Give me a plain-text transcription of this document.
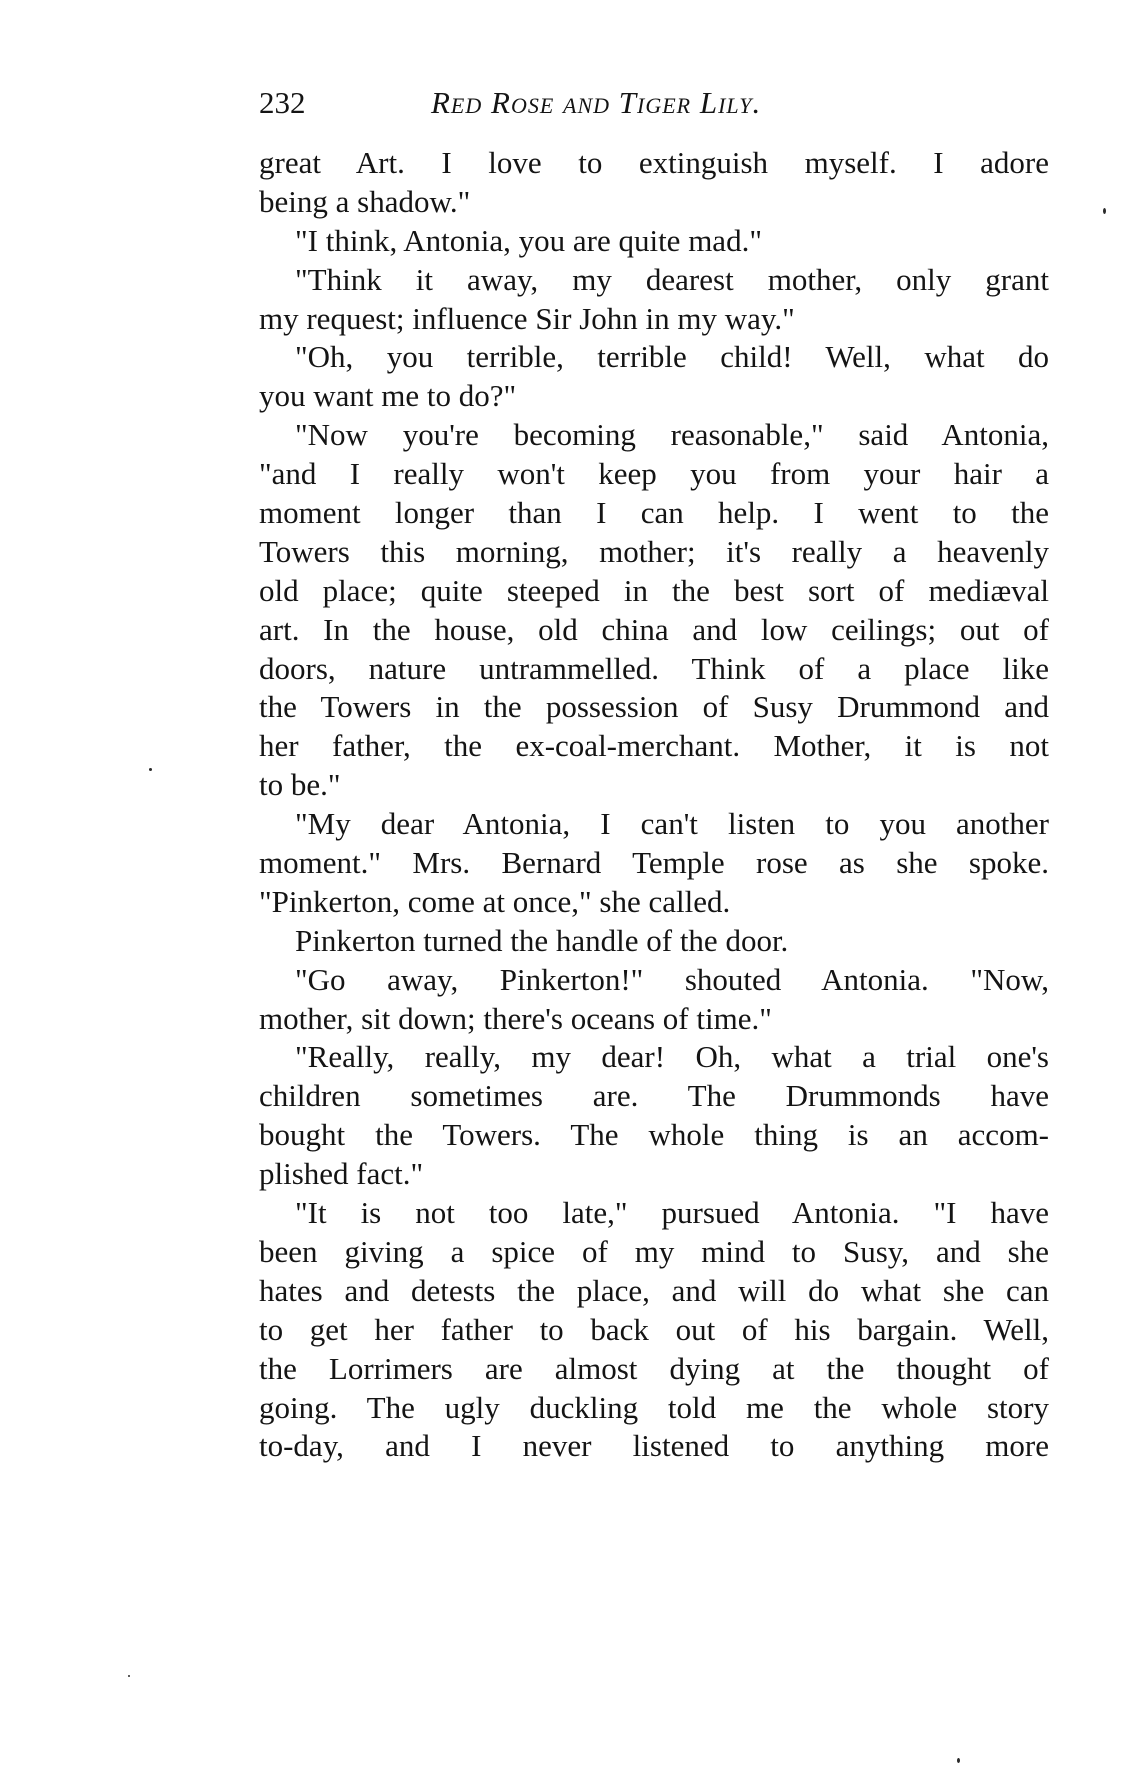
232	Red Rose and Tiger Lily.
great Art. I love to extinguish myself. I adore
being a shadow."
"I think, Antonia, you are quite mad."
"Think it away, my dearest mother, only grant
my request; influence Sir John in my way."
"Oh, you terrible, terrible child! Well, what do
you want me to do?"
"Now you're becoming reasonable," said Antonia,
"and I really won't keep you from your hair a
moment longer than I can help. I went to the
Towers this morning, mother; it's really a heavenly
old place; quite steeped in the best sort of mediæval
art. In the house, old china and low ceilings; out of
doors, nature untrammelled. Think of a place like
the Towers in the possession of Susy Drummond and
her father, the ex-coal-merchant. Mother, it is not
to be."
"My dear Antonia, I can't listen to you another
moment." Mrs. Bernard Temple rose as she spoke.
"Pinkerton, come at once," she called.
Pinkerton turned the handle of the door.
"Go away, Pinkerton!" shouted Antonia. "Now,
mother, sit down; there's oceans of time."
"Really, really, my dear! Oh, what a trial one's
children sometimes are. The Drummonds have
bought the Towers. The whole thing is an accom-
plished fact."
"It is not too late," pursued Antonia. "I have
been giving a spice of my mind to Susy, and she
hates and detests the place, and will do what she can
to get her father to back out of his bargain. Well,
the Lorrimers are almost dying at the thought of
going. The ugly duckling told me the whole story
to-day, and I never listened to anything more
